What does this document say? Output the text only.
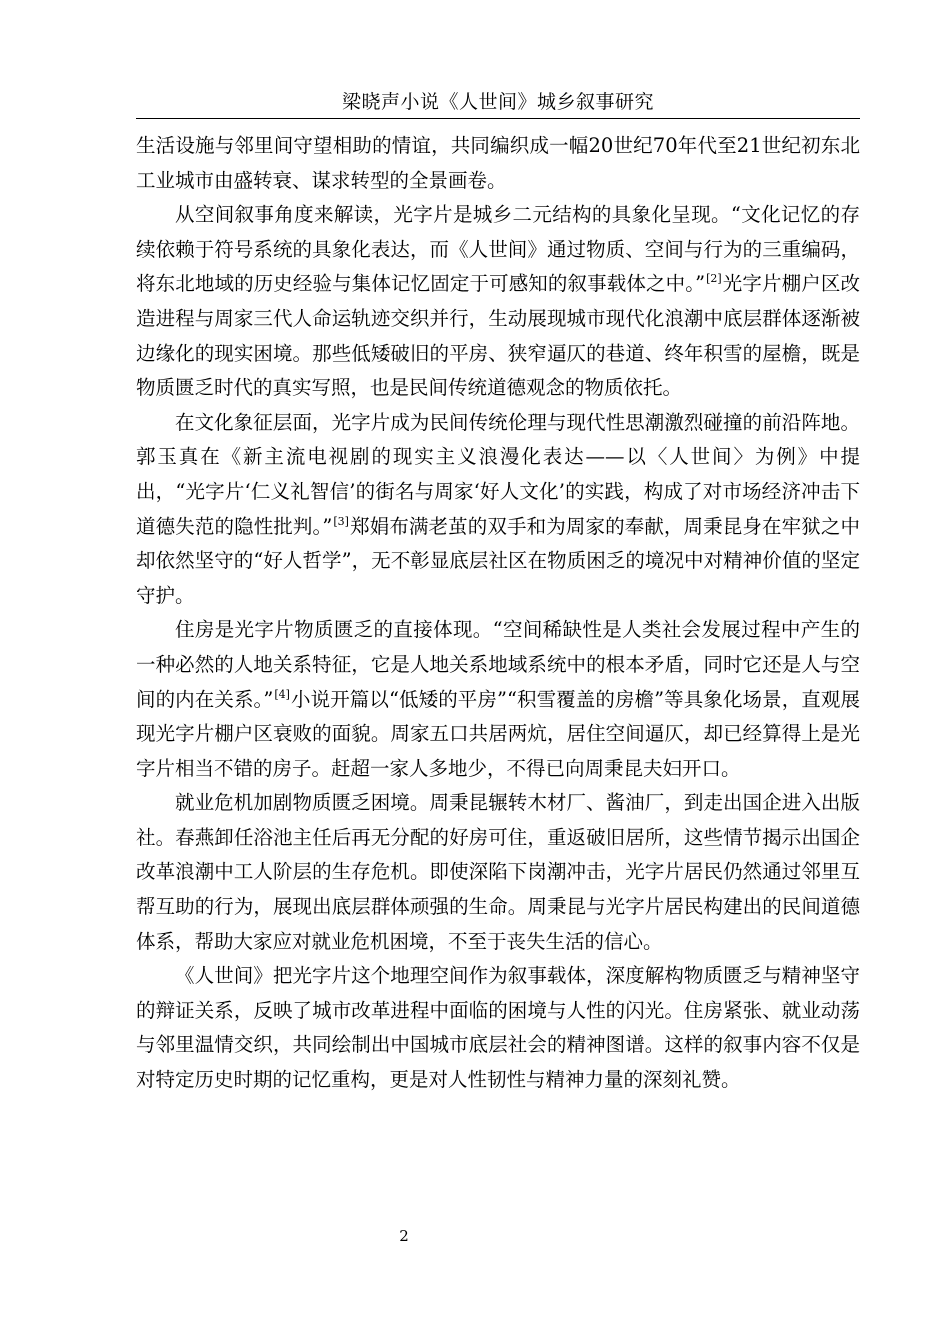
梁晓声小说《人世间》城乡叙事研究

生活设施与邻里间守望相助的情谊，共同编织成一幅20世纪70年代至21世纪初东北工业城市由盛转衰、谋求转型的全景画卷。

从空间叙事角度来解读，光字片是城乡二元结构的具象化呈现。“文化记忆的存续依赖于符号系统的具象化表达，而《人世间》通过物质、空间与行为的三重编码，将东北地域的历史经验与集体记忆固定于可感知的叙事载体之中。”[2]光字片棚户区改造进程与周家三代人命运轨迹交织并行，生动展现城市现代化浪潮中底层群体逐渐被边缘化的现实困境。那些低矮破旧的平房、狭窄逼仄的巷道、终年积雪的屋檐，既是物质匮乏时代的真实写照，也是民间传统道德观念的物质依托。

在文化象征层面，光字片成为民间传统伦理与现代性思潮激烈碰撞的前沿阵地。郭玉真在《新主流电视剧的现实主义浪漫化表达——以〈人世间〉为例》中提出，“光字片‘仁义礼智信’的街名与周家‘好人文化’的实践，构成了对市场经济冲击下道德失范的隐性批判。”[3]郑娟布满老茧的双手和为周家的奉献，周秉昆身在牢狱之中却依然坚守的“好人哲学”，无不彰显底层社区在物质困乏的境况中对精神价值的坚定守护。

住房是光字片物质匮乏的直接体现。“空间稀缺性是人类社会发展过程中产生的一种必然的人地关系特征，它是人地关系地域系统中的根本矛盾，同时它还是人与空间的内在关系。”[4]小说开篇以“低矮的平房”“积雪覆盖的房檐”等具象化场景，直观展现光字片棚户区衰败的面貌。周家五口共居两炕，居住空间逼仄，却已经算得上是光字片相当不错的房子。赶超一家人多地少，不得已向周秉昆夫妇开口。

就业危机加剧物质匮乏困境。周秉昆辗转木材厂、酱油厂，到走出国企进入出版社。春燕卸任浴池主任后再无分配的好房可住，重返破旧居所，这些情节揭示出国企改革浪潮中工人阶层的生存危机。即使深陷下岗潮冲击，光字片居民仍然通过邻里互帮互助的行为，展现出底层群体顽强的生命。周秉昆与光字片居民构建出的民间道德体系，帮助大家应对就业危机困境，不至于丧失生活的信心。

《人世间》把光字片这个地理空间作为叙事载体，深度解构物质匮乏与精神坚守的辩证关系，反映了城市改革进程中面临的困境与人性的闪光。住房紧张、就业动荡与邻里温情交织，共同绘制出中国城市底层社会的精神图谱。这样的叙事内容不仅是对特定历史时期的记忆重构，更是对人性韧性与精神力量的深刻礼赞。

2
